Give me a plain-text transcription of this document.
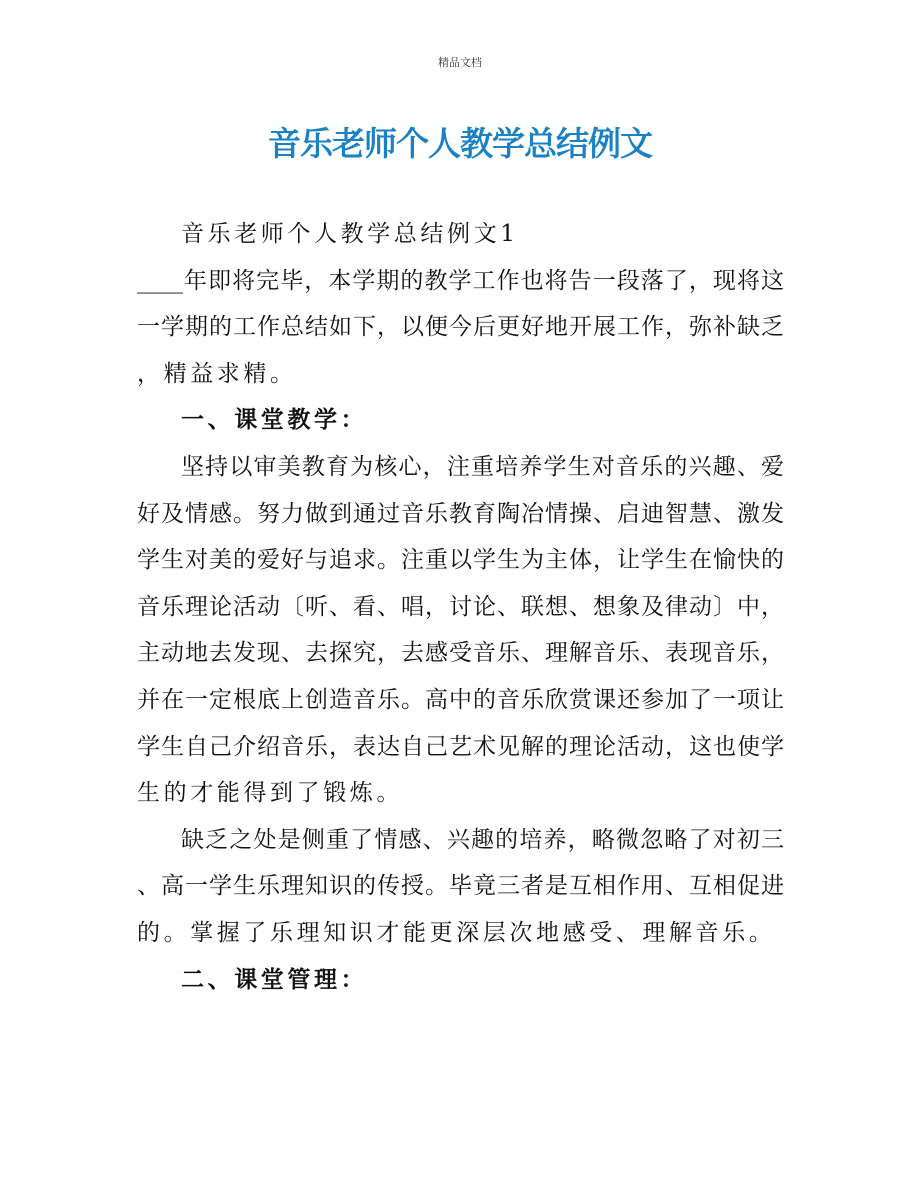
精品文档
音乐老师个人教学总结例文
音乐老师个人教学总结例文1
____年即将完毕，本学期的教学工作也将告一段落了，现将这
一学期的工作总结如下，以便今后更好地开展工作，弥补缺乏
，精益求精。
一、课堂教学：
坚持以审美教育为核心，注重培养学生对音乐的兴趣、爱
好及情感。努力做到通过音乐教育陶冶情操、启迪智慧、激发
学生对美的爱好与追求。注重以学生为主体，让学生在愉快的
音乐理论活动〔听、看、唱，讨论、联想、想象及律动〕中，
主动地去发现、去探究，去感受音乐、理解音乐、表现音乐，
并在一定根底上创造音乐。高中的音乐欣赏课还参加了一项让
学生自己介绍音乐，表达自己艺术见解的理论活动，这也使学
生的才能得到了锻炼。
缺乏之处是侧重了情感、兴趣的培养，略微忽略了对初三
、高一学生乐理知识的传授。毕竟三者是互相作用、互相促进
的。掌握了乐理知识才能更深层次地感受、理解音乐。
二、课堂管理：
